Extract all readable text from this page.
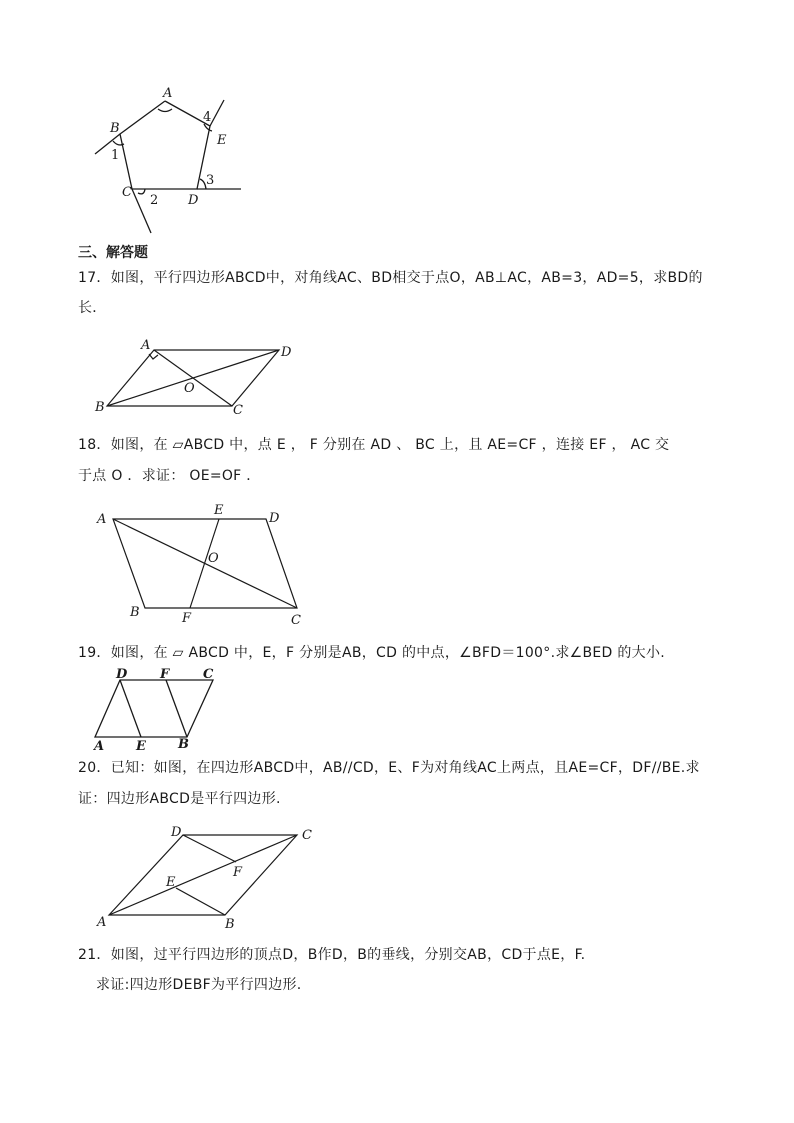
A
B
C
D
E
1
2
3
4
三、解答题
17．如图，平行四边形ABCD中，对角线AC、BD相交于点O，AB⊥AC，AB=3，AD=5，求BD的
长．
A
B	C
D
O
18．如图，在 ▱ABCD 中，点 E ， F 分别在 AD 、 BC 上，且 AE=CF ，连接 EF ， AC 交
于点 O ．求证： OE=OF ．
A
B
C
D
E
F
O
19．如图，在 ▱ ABCD 中，E，F 分别是AB，CD 的中点，∠BFD＝100°.求∠BED 的大小.
D	F	C
A E B
20．已知：如图，在四边形ABCD中，AB//CD，E、F为对角线AC上两点，且AE=CF，DF//BE.求
证：四边形ABCD是平行四边形.
D	C
A	B
E
F
21．如图，过平行四边形的顶点D，B作D，B的垂线，分别交AB，CD于点E，F.
求证:四边形DEBF为平行四边形.
